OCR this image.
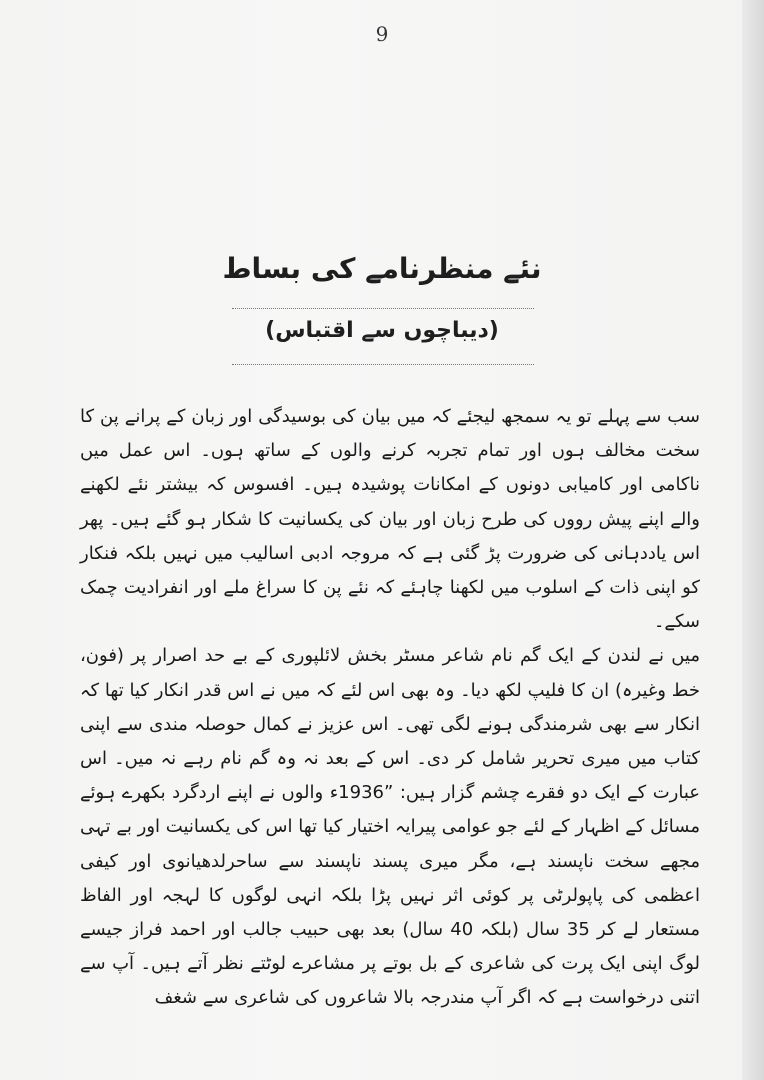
9
نئے منظرنامے کی بساط
(دیباچوں سے اقتباس)

سب سے پہلے تو یہ سمجھ لیجئے کہ میں بیان کی بوسیدگی اور زبان کے پرانے پن کا سخت مخالف ہوں اور تمام تجربہ کرنے والوں کے ساتھ ہوں۔ اس عمل میں ناکامی اور کامیابی دونوں کے امکانات پوشیدہ ہیں۔ افسوس کہ بیشتر نئے لکھنے والے اپنے پیش رووں کی طرح زبان اور بیان کی یکسانیت کا شکار ہو گئے ہیں۔ پھر اس یاددہانی کی ضرورت پڑ گئی ہے کہ مروجہ ادبی اسالیب میں نہیں بلکہ فنکار کو اپنی ذات کے اسلوب میں لکھنا چاہئے کہ نئے پن کا سراغ ملے اور انفرادیت چمک سکے۔

میں نے لندن کے ایک گم نام شاعر مسٹر بخش لائلپوری کے بے حد اصرار پر (فون، خط وغیرہ) ان کا فلیپ لکھ دیا۔ وہ بھی اس لئے کہ میں نے اس قدر انکار کیا تھا کہ انکار سے بھی شرمندگی ہونے لگی تھی۔ اس عزیز نے کمال حوصلہ مندی سے اپنی کتاب میں میری تحریر شامل کر دی۔ اس کے بعد نہ وہ گم نام رہے نہ میں۔ اس عبارت کے ایک دو فقرے چشم گزار ہیں: ”1936ء والوں نے اپنے اردگرد بکھرے ہوئے مسائل کے اظہار کے لئے جو عوامی پیرایہ اختیار کیا تھا اس کی یکسانیت اور بے تہی مجھے سخت ناپسند ہے، مگر میری پسند ناپسند سے ساحرلدھیانوی اور کیفی اعظمی کی پاپولرٹی پر کوئی اثر نہیں پڑا بلکہ انہی لوگوں کا لہجہ اور الفاظ مستعار لے کر 35 سال (بلکہ 40 سال) بعد بھی حبیب جالب اور احمد فراز جیسے لوگ اپنی ایک پرت کی شاعری کے بل بوتے پر مشاعرے لوٹتے نظر آتے ہیں۔ آپ سے اتنی درخواست ہے کہ اگر آپ مندرجہ بالا شاعروں کی شاعری سے شغف
